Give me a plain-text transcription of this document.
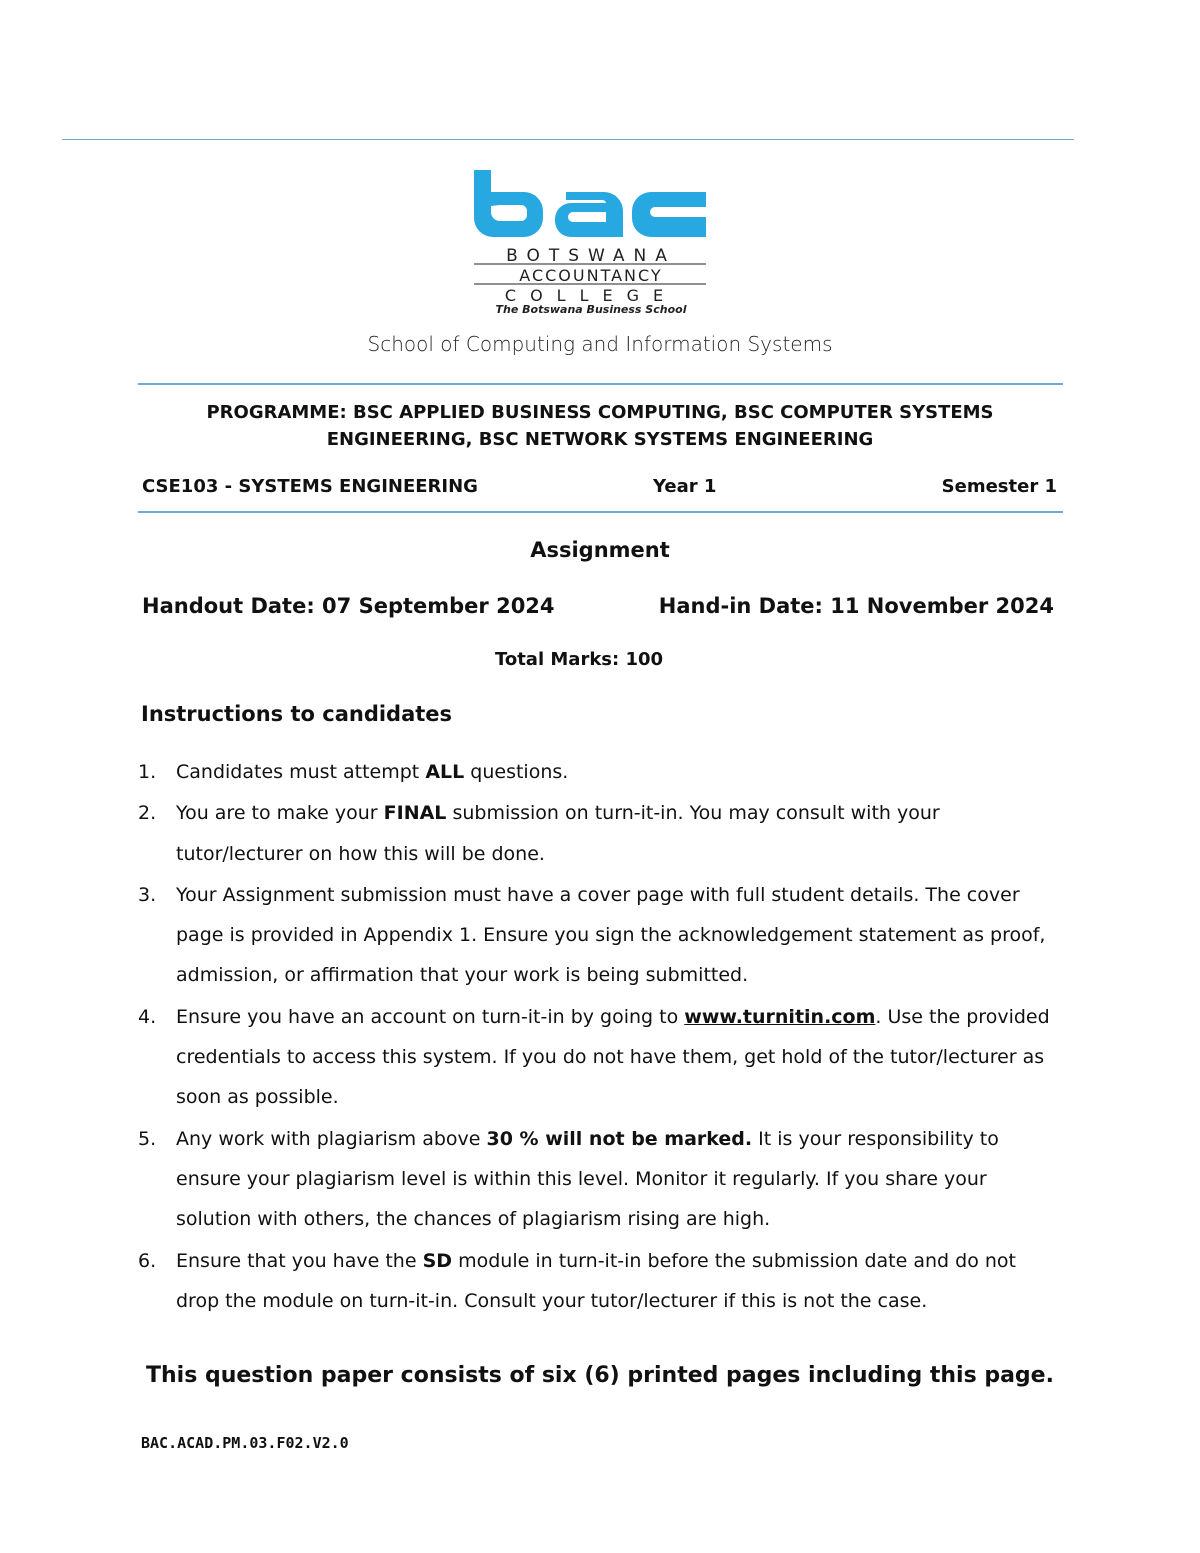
BOTSWANA
ACCOUNTANCY
COLLEGE
The Botswana Business School
School of Computing and Information Systems
PROGRAMME: BSC APPLIED BUSINESS COMPUTING, BSC COMPUTER SYSTEMS
ENGINEERING, BSC NETWORK SYSTEMS ENGINEERING
CSE103 - SYSTEMS ENGINEERING	Year 1	Semester 1
Assignment
Handout Date: 07 September 2024	Hand-in Date: 11 November 2024
Total Marks: 100
Instructions to candidates
1.	Candidates must attempt ALL questions.
2.	You are to make your FINAL submission on turn-it-in. You may consult with your tutor/lecturer on how this will be done.
3.	Your Assignment submission must have a cover page with full student details. The cover page is provided in Appendix 1. Ensure you sign the acknowledgement statement as proof, admission, or affirmation that your work is being submitted.
4.	Ensure you have an account on turn-it-in by going to www.turnitin.com. Use the provided credentials to access this system. If you do not have them, get hold of the tutor/lecturer as soon as possible.
5.	Any work with plagiarism above 30 % will not be marked. It is your responsibility to ensure your plagiarism level is within this level. Monitor it regularly. If you share your solution with others, the chances of plagiarism rising are high.
6.	Ensure that you have the SD module in turn-it-in before the submission date and do not drop the module on turn-it-in. Consult your tutor/lecturer if this is not the case.
This question paper consists of six (6) printed pages including this page.
BAC.ACAD.PM.03.F02.V2.0
